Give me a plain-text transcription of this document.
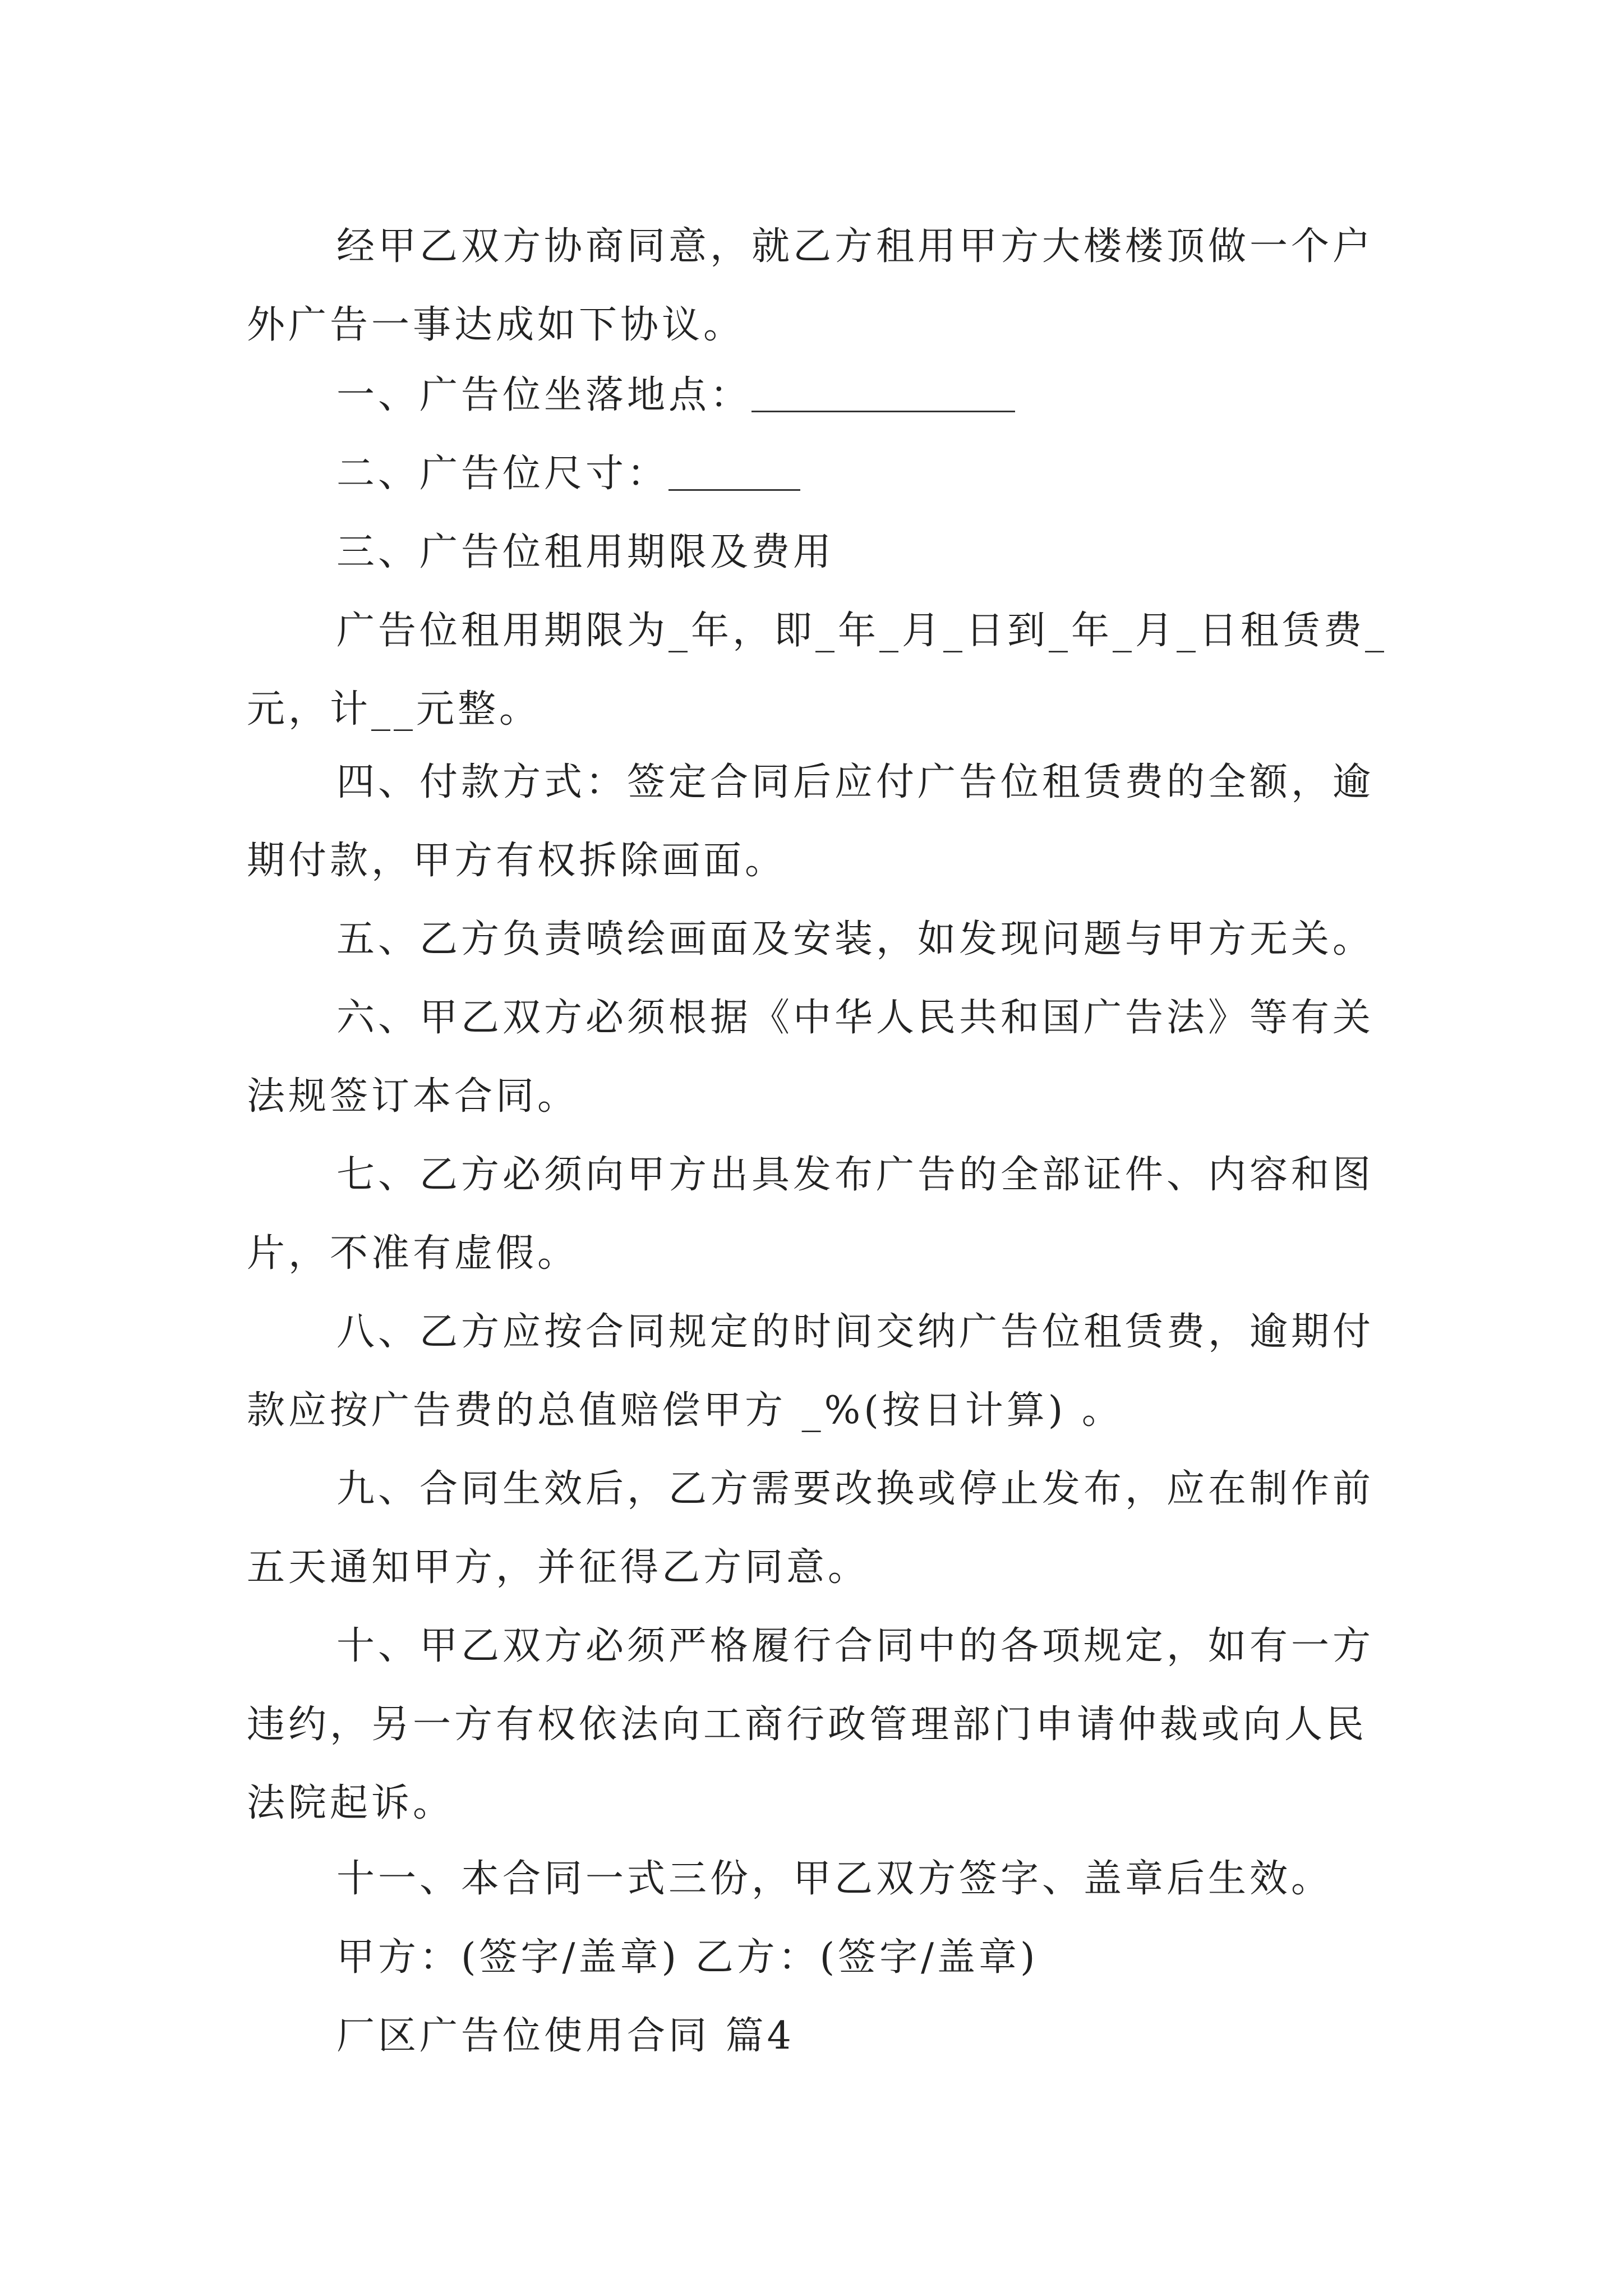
经甲乙双方协商同意，就乙方租用甲方大楼楼顶做一个户外广告一事达成如下协议。

一、广告位坐落地点：

二、广告位尺寸：

三、广告位租用期限及费用

广告位租用期限为_年，即_年_月_日到_年_月_日租赁费_元，计__元整。

四、付款方式：签定合同后应付广告位租赁费的全额，逾期付款，甲方有权拆除画面。

五、乙方负责喷绘画面及安装，如发现问题与甲方无关。

六、甲乙双方必须根据《中华人民共和国广告法》等有关法规签订本合同。

七、乙方必须向甲方出具发布广告的全部证件、内容和图片，不准有虚假。

八、乙方应按合同规定的时间交纳广告位租赁费，逾期付款应按广告费的总值赔偿甲方 _%(按日计算) 。

九、合同生效后，乙方需要改换或停止发布，应在制作前五天通知甲方，并征得乙方同意。

十、甲乙双方必须严格履行合同中的各项规定，如有一方违约，另一方有权依法向工商行政管理部门申请仲裁或向人民法院起诉。

十一、本合同一式三份，甲乙双方签字、盖章后生效。

甲方：(签字/盖章) 乙方：(签字/盖章)

厂区广告位使用合同 篇4
